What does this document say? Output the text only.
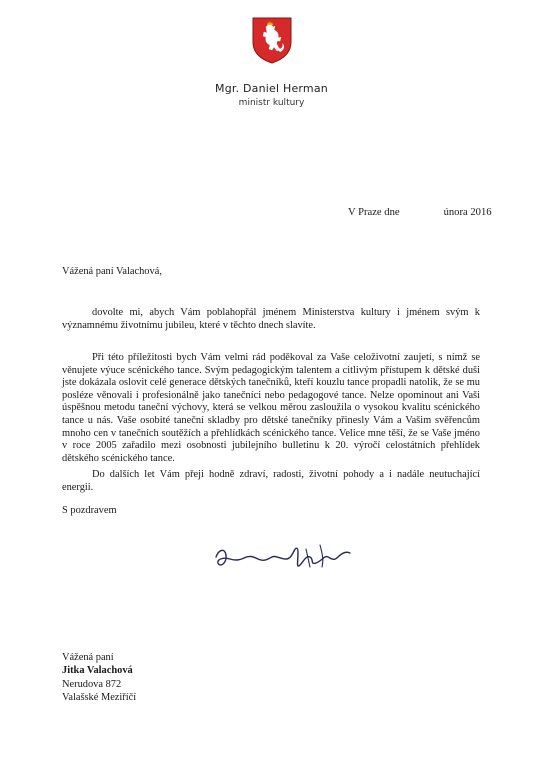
Mgr. Daniel Herman
ministr kultury
V Praze dne	února 2016
Vážená paní Valachová,

dovolte mi, abych Vám poblahopřál jménem Ministerstva kultury i jménem svým k významnému životnímu jubileu, které v těchto dnech slavíte.

Při této příležitosti bych Vám velmi rád poděkoval za Vaše celoživotní zaujetí, s nímž se věnujete výuce scénického tance. Svým pedagogickým talentem a citlivým přístupem k dětské duši jste dokázala oslovit celé generace dětských tanečníků, kteří kouzlu tance propadli natolik, že se mu posléze věnovali i profesionálně jako tanečníci nebo pedagogové tance. Nelze opominout ani Vaši úspěšnou metodu taneční výchovy, která se velkou měrou zasloužila o vysokou kvalitu scénického tance u nás. Vaše osobité taneční skladby pro dětské tanečníky přinesly Vám a Vašim svěřencům mnoho cen v tanečních soutěžích a přehlídkách scénického tance. Velice mne těší, že se Vaše jméno v roce 2005 zařadilo mezi osobnosti jubilejního bulletinu k 20. výročí celostátních přehlídek dětského scénického tance.

Do dalších let Vám přeji hodně zdraví, radosti, životní pohody a i nadále neutuchající energii.

S pozdravem
Vážená paní
Jitka Valachová
Nerudova 872
Valašské Meziříčí
